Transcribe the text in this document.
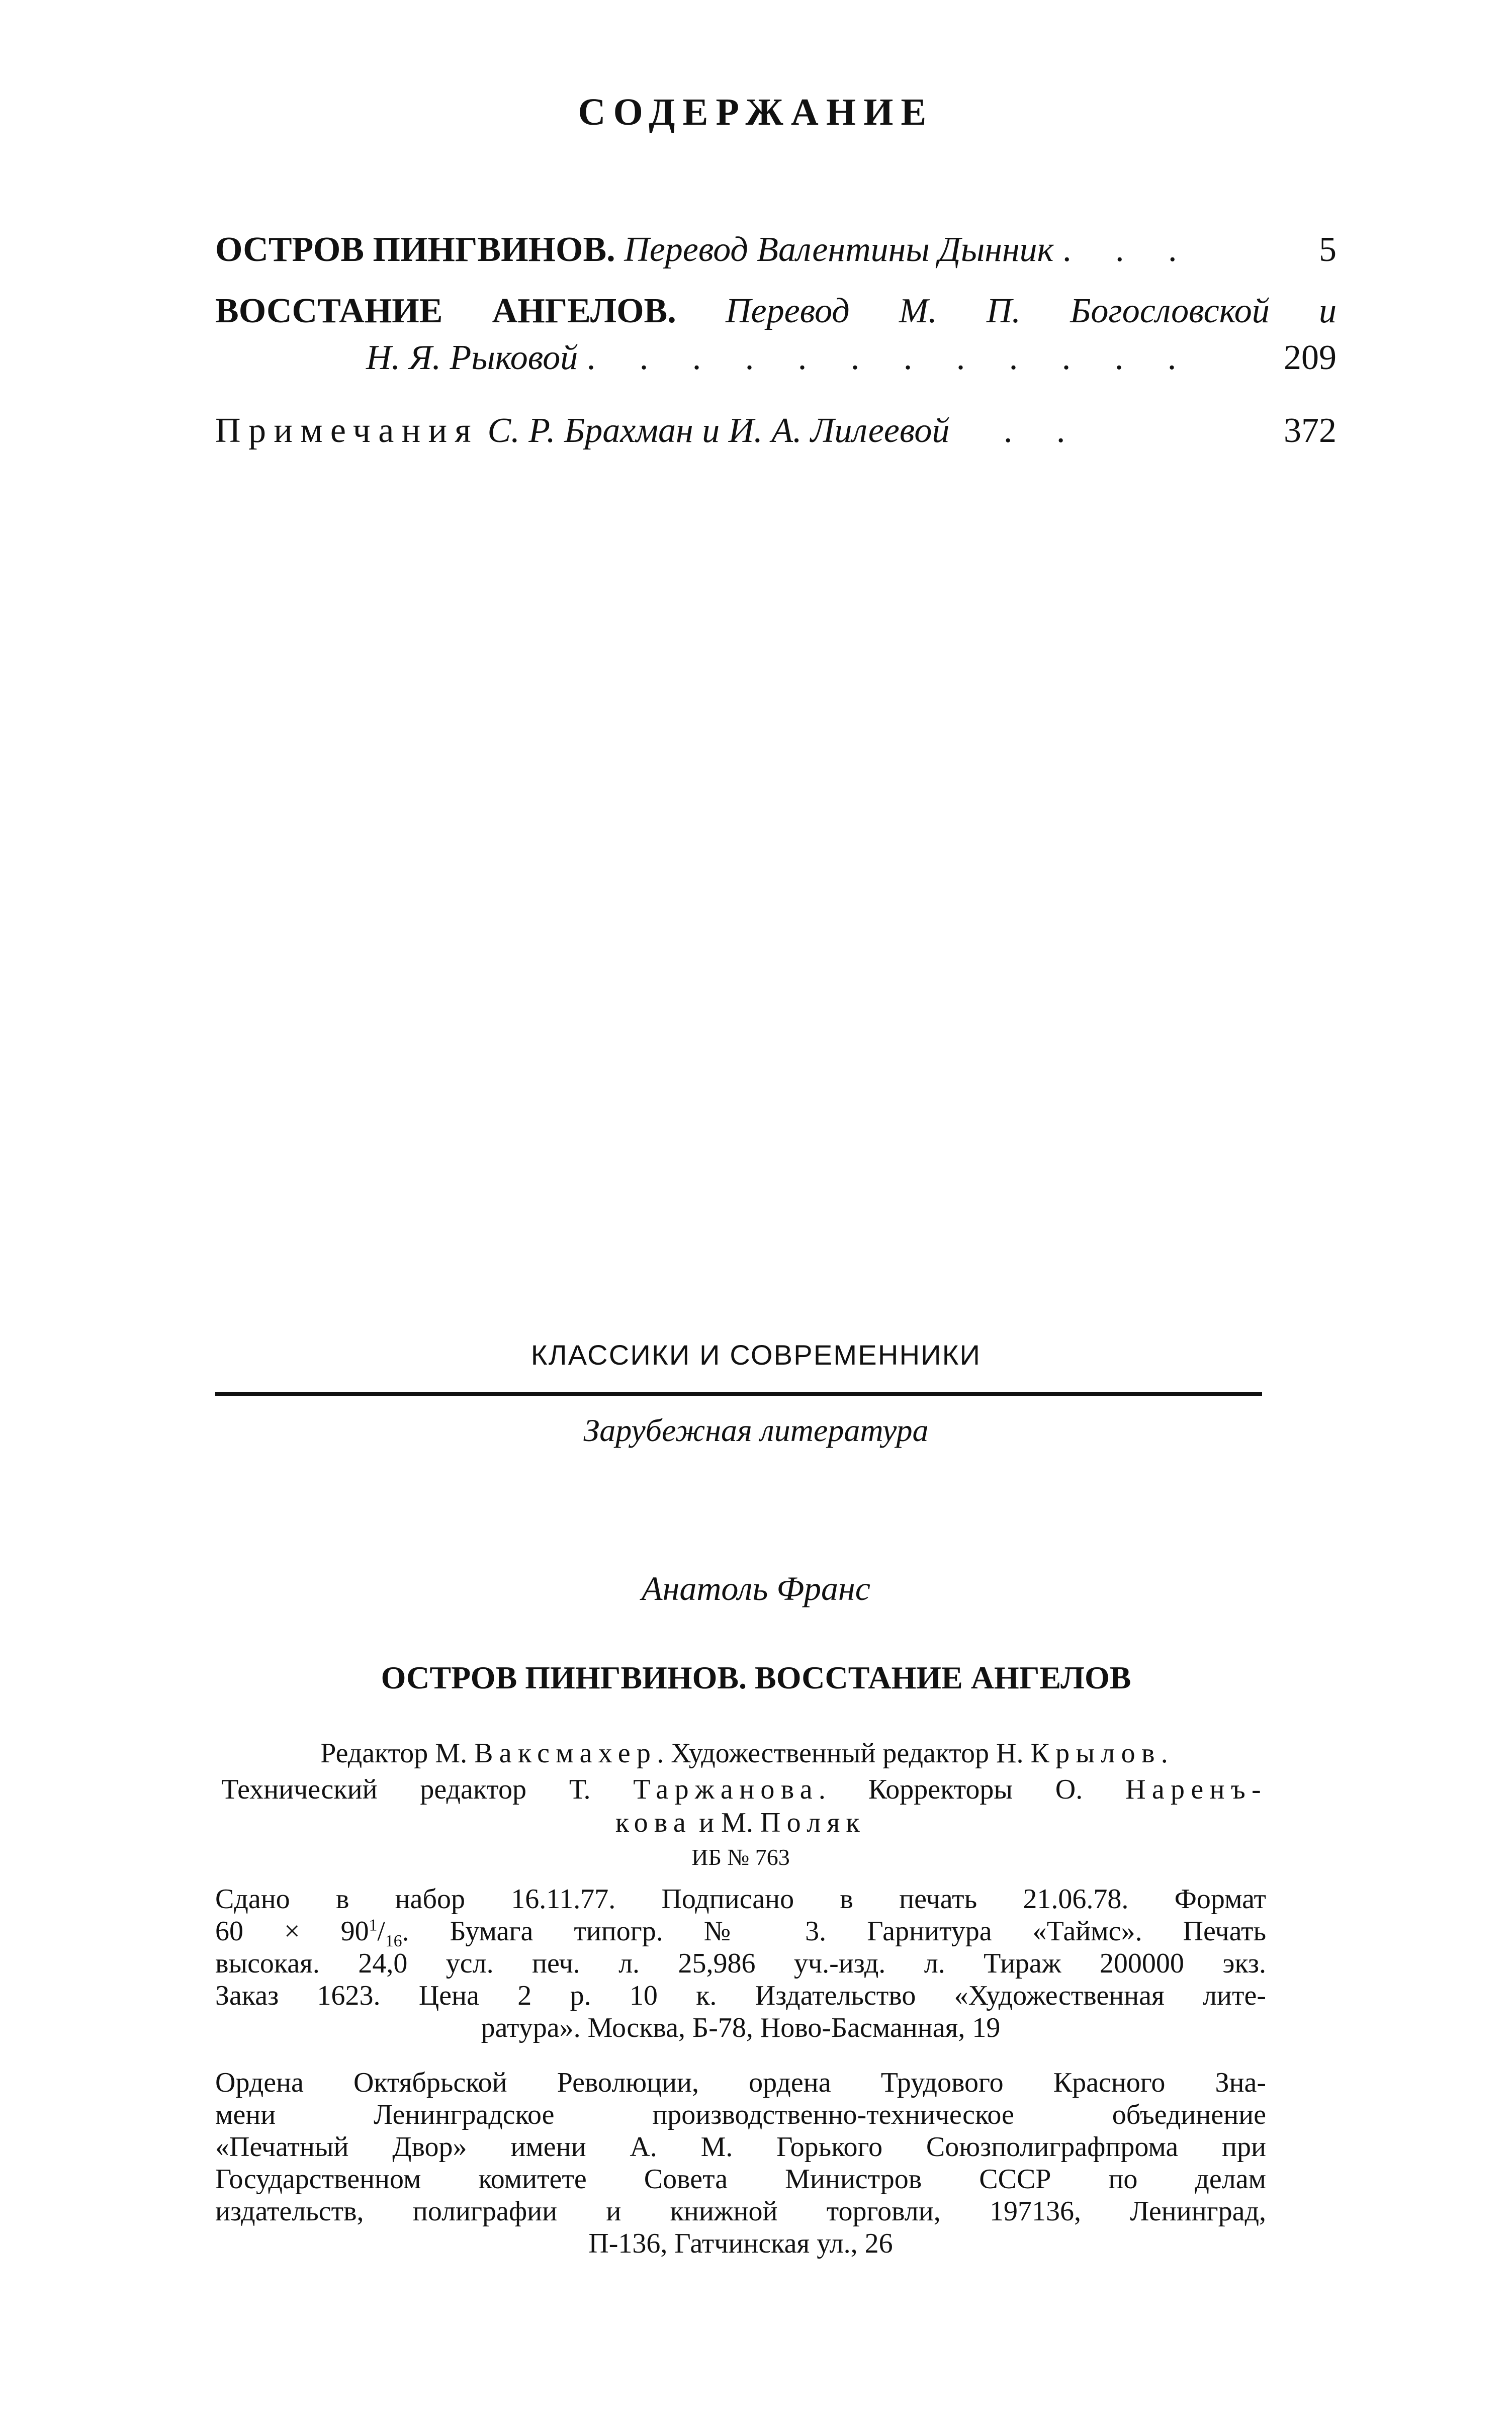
СОДЕРЖАНИЕ
ОСТРОВ ПИНГВИНОВ. Перевод Валентины Дынник . . .	5
ВОССТАНИЕ АНГЕЛОВ. Перевод М. П. Богословской и
Н. Я. Рыковой . . . . . . . . . . . .	209
Примечания С. Р. Брахман и И. А. Лилеевой . .	372
КЛАССИКИ И СОВРЕМЕННИКИ
Зарубежная литература
Анатоль Франс
ОСТРОВ ПИНГВИНОВ. ВОССТАНИЕ АНГЕЛОВ
Редактор М. Ваксмахер. Художественный редактор Н. Крылов.
Технический редактор Т. Таржанова. Корректоры О. Наренъ-
кова и М. Поляк
ИБ № 763
Сдано в набор 16.11.77. Подписано в печать 21.06.78. Формат
$60 \times 90^1/_{16}$. Бумага типогр. № 3. Гарнитура «Таймс». Печать
высокая. 24,0 усл. печ. л. 25,986 уч.-изд. л. Тираж 200000 экз.
Заказ 1623. Цена 2 р. 10 к. Издательство «Художественная лите-
ратура». Москва, Б-78, Ново-Басманная, 19
Ордена Октябрьской Революции, ордена Трудового Красного Зна-
мени Ленинградское производственно-техническое объединение
«Печатный Двор» имени А. М. Горького Союзполиграфпрома при
Государственном комитете Совета Министров СССР по делам
издательств, полиграфии и книжной торговли, 197136, Ленинград,
П-136, Гатчинская ул., 26
